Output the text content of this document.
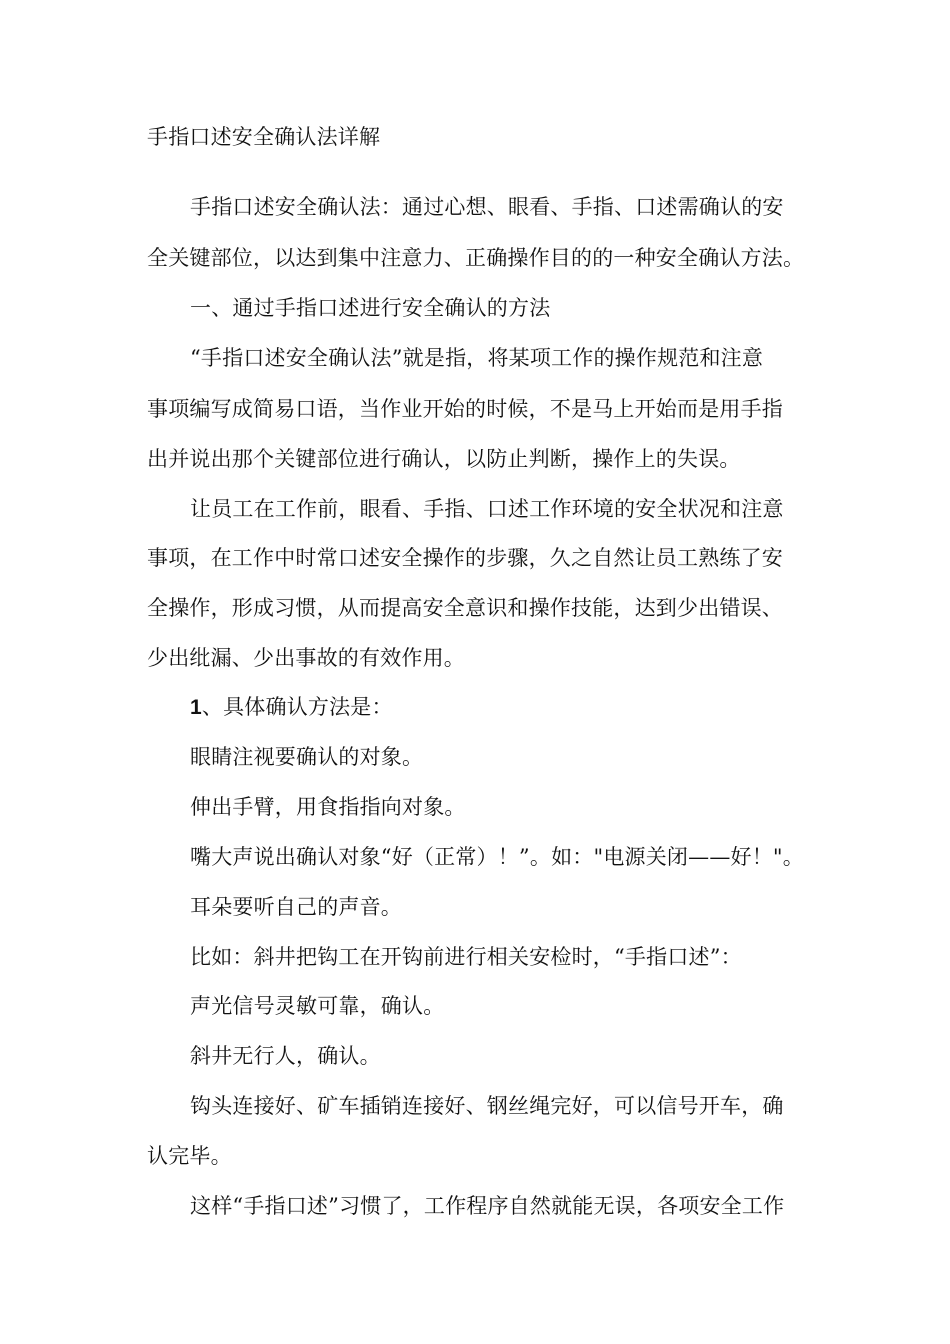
手指口述安全确认法详解
手指口述安全确认法：通过心想、眼看、手指、口述需确认的安
全关键部位，以达到集中注意力、正确操作目的的一种安全确认方法。
一、通过手指口述进行安全确认的方法
“手指口述安全确认法”就是指，将某项工作的操作规范和注意
事项编写成简易口语，当作业开始的时候，不是马上开始而是用手指
出并说出那个关键部位进行确认，以防止判断，操作上的失误。
让员工在工作前，眼看、手指、口述工作环境的安全状况和注意
事项，在工作中时常口述安全操作的步骤，久之自然让员工熟练了安
全操作，形成习惯，从而提高安全意识和操作技能，达到少出错误、
少出纰漏、少出事故的有效作用。
1、具体确认方法是：
眼睛注视要确认的对象。
伸出手臂，用食指指向对象。
嘴大声说出确认对象“好（正常）！”。如："电源关闭——好！"。
耳朵要听自己的声音。
比如：斜井把钩工在开钩前进行相关安检时，“手指口述”：
声光信号灵敏可靠，确认。
斜井无行人，确认。
钩头连接好、矿车插销连接好、钢丝绳完好，可以信号开车，确
认完毕。
这样“手指口述”习惯了，工作程序自然就能无误，各项安全工作
